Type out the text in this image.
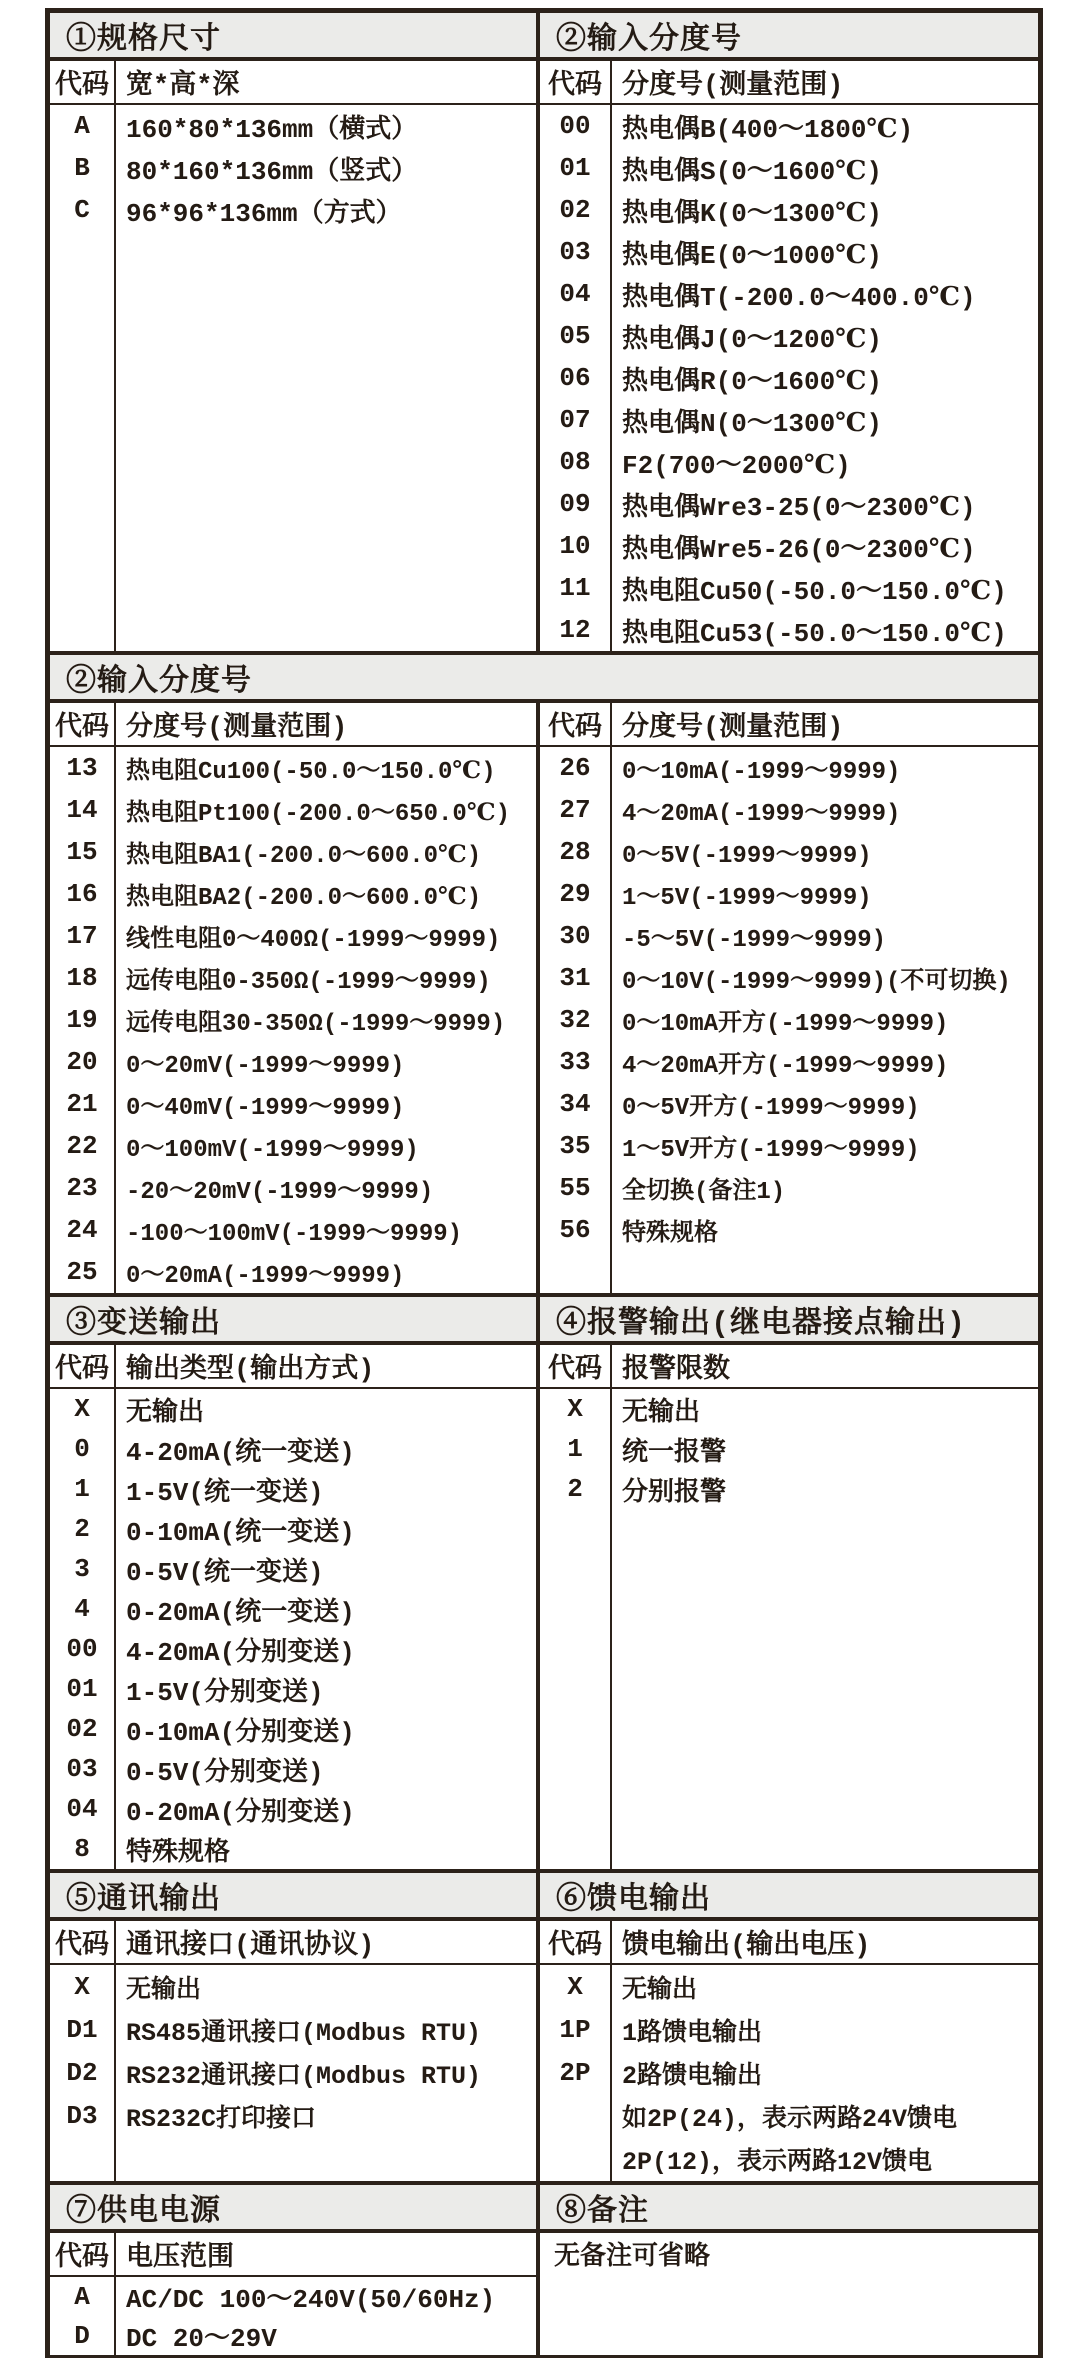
①规格尺寸	②输入分度号
代码 宽*高*深
A	160*80*136mm（横式）
B	80*160*136mm（竖式）
C	96*96*136mm（方式）
代码 分度号(测量范围)
00	热电偶B(400～1800℃)
01	热电偶S(0～1600℃)
02	热电偶K(0～1300℃)
03	热电偶E(0～1000℃)
04	热电偶T(-200.0～400.0℃)
05	热电偶J(0～1200℃)
06	热电偶R(0～1600℃)
07	热电偶N(0～1300℃)
08	F2(700～2000℃)
09	热电偶Wre3-25(0～2300℃)
10	热电偶Wre5-26(0～2300℃)
11	热电阻Cu50(-50.0～150.0℃)
12	热电阻Cu53(-50.0～150.0℃)
②输入分度号
代码 分度号(测量范围)
13	热电阻Cu100(-50.0～150.0℃)
14	热电阻Pt100(-200.0～650.0℃)
15	热电阻BA1(-200.0～600.0℃)
16	热电阻BA2(-200.0～600.0℃)
17	线性电阻0～400Ω(-1999～9999)
18	远传电阻0-350Ω(-1999～9999)
19	远传电阻30-350Ω(-1999～9999)
20	0～20mV(-1999～9999)
21	0～40mV(-1999～9999)
22	0～100mV(-1999～9999)
23	-20～20mV(-1999～9999)
24	-100～100mV(-1999～9999)
25	0～20mA(-1999～9999)
代码 分度号(测量范围)
26	0～10mA(-1999～9999)
27	4～20mA(-1999～9999)
28	0～5V(-1999～9999)
29	1～5V(-1999～9999)
30	-5～5V(-1999～9999)
31	0～10V(-1999～9999)(不可切换)
32	0～10mA开方(-1999～9999)
33	4～20mA开方(-1999～9999)
34	0～5V开方(-1999～9999)
35	1～5V开方(-1999～9999)
55	全切换(备注1)
56	特殊规格
③变送输出	④报警输出(继电器接点输出)
代码 输出类型(输出方式)
X	无输出
0	4-20mA(统一变送)
1	1-5V(统一变送)
2	0-10mA(统一变送)
3	0-5V(统一变送)
4	0-20mA(统一变送)
00	4-20mA(分别变送)
01	1-5V(分别变送)
02	0-10mA(分别变送)
03	0-5V(分别变送)
04	0-20mA(分别变送)
8	特殊规格
代码 报警限数
X	无输出
1	统一报警
2	分别报警
⑤通讯输出	⑥馈电输出
代码 通讯接口(通讯协议)
X	无输出
D1	RS485通讯接口(Modbus RTU)
D2	RS232通讯接口(Modbus RTU)
D3	RS232C打印接口
代码 馈电输出(输出电压)
X	无输出
1P	1路馈电输出
2P	2路馈电输出
如2P(24)，表示两路24V馈电
2P(12)，表示两路12V馈电
⑦供电电源	⑧备注
代码 电压范围
A	AC/DC 100～240V(50/60Hz)
D	DC 20～29V
无备注可省略
